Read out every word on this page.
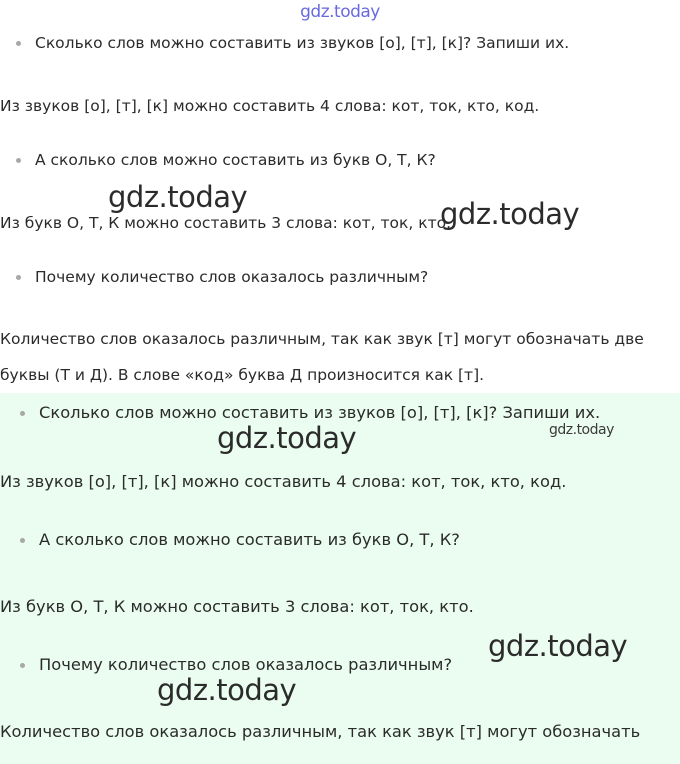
gdz.today
Сколько слов можно составить из звуков [о], [т], [к]? Запиши их.
Из звуков [о], [т], [к] можно составить 4 слова: кот, ток, кто, код.
А сколько слов можно составить из букв О, Т, К?
Из букв О, Т, К можно составить 3 слова: кот, ток, кто.
Почему количество слов оказалось различным?
Количество слов оказалось различным, так как звук [т] могут обозначать две
буквы (Т и Д). В слове «код» буква Д произносится как [т].
Сколько слов можно составить из звуков [о], [т], [к]? Запиши их.
Из звуков [о], [т], [к] можно составить 4 слова: кот, ток, кто, код.
А сколько слов можно составить из букв О, Т, К?
Из букв О, Т, К можно составить 3 слова: кот, ток, кто.
Почему количество слов оказалось различным?
Количество слов оказалось различным, так как звук [т] могут обозначать
gdz.today	gdz.today
gdz.today	gdz.today
gdz.today
gdz.today
